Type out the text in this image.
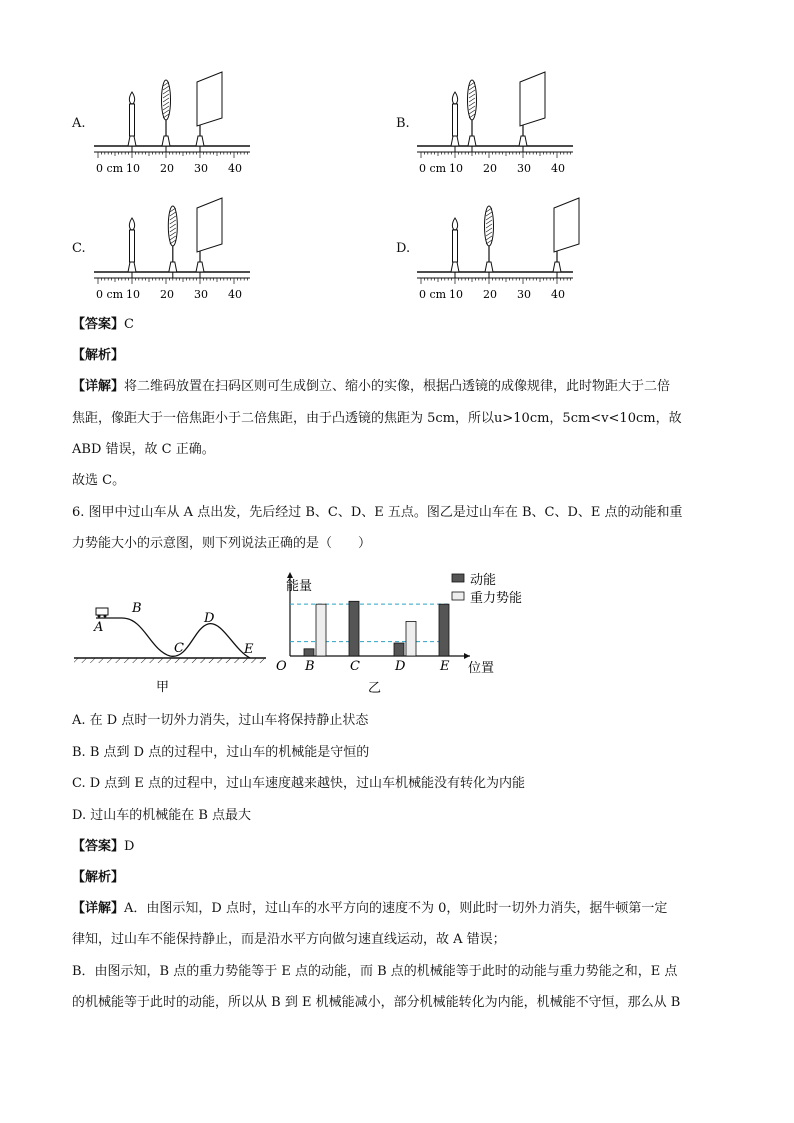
A.
0 cm 10 20 30 40
B.
0 cm 10 20 30 40
C.
0 cm 10 20 30 40
D.
0 cm 10 20 30 40
【答案】C
【解析】
【详解】将二维码放置在扫码区则可生成倒立、缩小的实像，根据凸透镜的成像规律，此时物距大于二倍
焦距，像距大于一倍焦距小于二倍焦距，由于凸透镜的焦距为 5cm，所以u>10cm，5cm<v<10cm，故
ABD 错误，故 C 正确。
故选 C。
6. 图甲中过山车从 A 点出发，先后经过 B、C、D、E 五点。图乙是过山车在 B、C、D、E 点的动能和重
力势能大小的示意图，则下列说法正确的是（　　）
A
B
C
D
E
甲
B	C	D	E
能量
位置
O
动能
重力势能
乙
A. 在 D 点时一切外力消失，过山车将保持静止状态
B. B 点到 D 点的过程中，过山车的机械能是守恒的
C. D 点到 E 点的过程中，过山车速度越来越快，过山车机械能没有转化为内能
D. 过山车的机械能在 B 点最大
【答案】D
【解析】
【详解】A．由图示知，D 点时，过山车的水平方向的速度不为 0，则此时一切外力消失，据牛顿第一定
律知，过山车不能保持静止，而是沿水平方向做匀速直线运动，故 A 错误；
B．由图示知，B 点的重力势能等于 E 点的动能，而 B 点的机械能等于此时的动能与重力势能之和，E 点
的机械能等于此时的动能，所以从 B 到 E 机械能减小，部分机械能转化为内能，机械能不守恒，那么从 B
